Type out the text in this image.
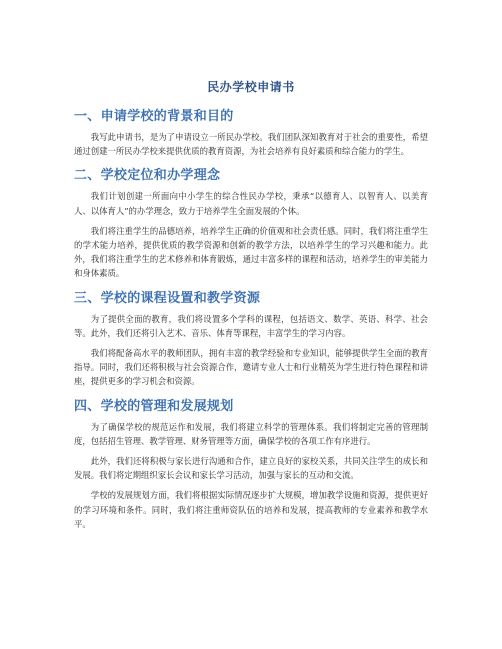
民办学校申请书
一、申请学校的背景和目的

我写此申请书，是为了申请设立一所民办学校。我们团队深知教育对于社会的重要性，希望通过创建一所民办学校来提供优质的教育资源，为社会培养有良好素质和综合能力的学生。

二、学校定位和办学理念

我们计划创建一所面向中小学生的综合性民办学校，秉承“以德育人、以智育人、以美育人、以体育人”的办学理念，致力于培养学生全面发展的个体。

我们将注重学生的品德培养，培养学生正确的价值观和社会责任感。同时，我们将注重学生的学术能力培养，提供优质的教学资源和创新的教学方法，以培养学生的学习兴趣和能力。此外，我们将注重学生的艺术修养和体育锻炼，通过丰富多样的课程和活动，培养学生的审美能力和身体素质。

三、学校的课程设置和教学资源

为了提供全面的教育，我们将设置多个学科的课程，包括语文、数学、英语、科学、社会等。此外，我们还将引入艺术、音乐、体育等课程，丰富学生的学习内容。

我们将配备高水平的教师团队，拥有丰富的教学经验和专业知识，能够提供学生全面的教育指导。同时，我们还将积极与社会资源合作，邀请专业人士和行业精英为学生进行特色课程和讲座，提供更多的学习机会和资源。

四、学校的管理和发展规划

为了确保学校的规范运作和发展，我们将建立科学的管理体系。我们将制定完善的管理制度，包括招生管理、教学管理、财务管理等方面，确保学校的各项工作有序进行。

此外，我们还将积极与家长进行沟通和合作，建立良好的家校关系，共同关注学生的成长和发展。我们将定期组织家长会议和家长学习活动，加强与家长的互动和交流。

学校的发展规划方面，我们将根据实际情况逐步扩大规模，增加教学设施和资源，提供更好的学习环境和条件。同时，我们将注重师资队伍的培养和发展，提高教师的专业素养和教学水平。
